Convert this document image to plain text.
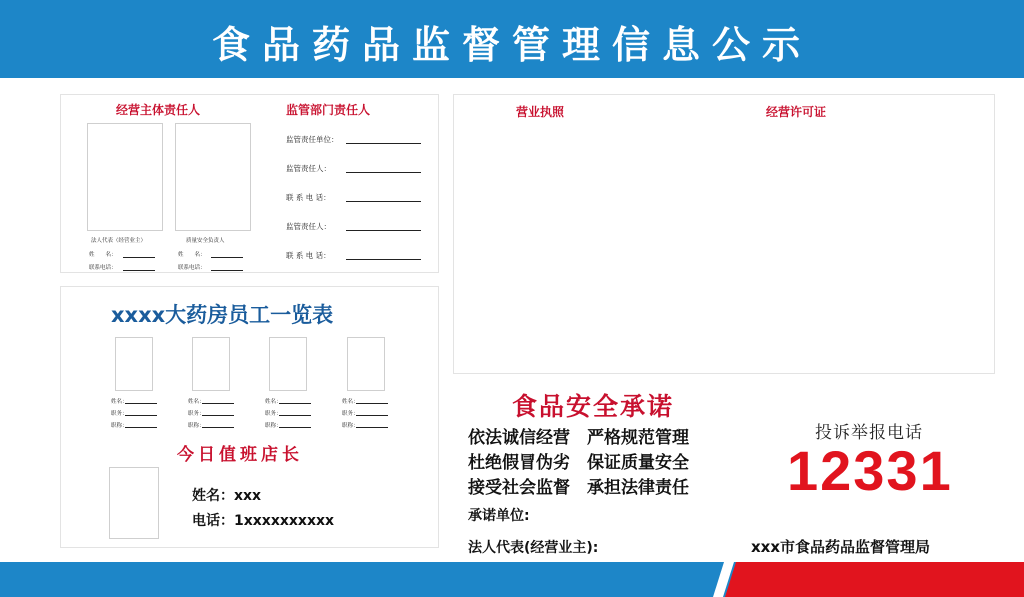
食品药品监督管理信息公示
经营主体责任人	监管部门责任人
法人代表（经营业主）	质量安全负责人
姓　　名：
联系电话：
姓　　名：
联系电话：
监管责任单位：
监管责任人：
联 系 电 话：
监管责任人：
联 系 电 话：
营业执照	经营许可证
xxxx大药房员工一览表
姓名：
职务：
职称：
姓名：
职务：
职称：
姓名：
职务：
职称：
姓名：
职务：
职称：
今日值班店长
姓名：xxx
电话：1xxxxxxxxxx
食品安全承诺
依法诚信经营　严格规范管理
杜绝假冒伪劣　保证质量安全
接受社会监督　承担法律责任
承诺单位:
法人代表(经营业主):
投诉举报电话
12331
xxx市食品药品监督管理局
